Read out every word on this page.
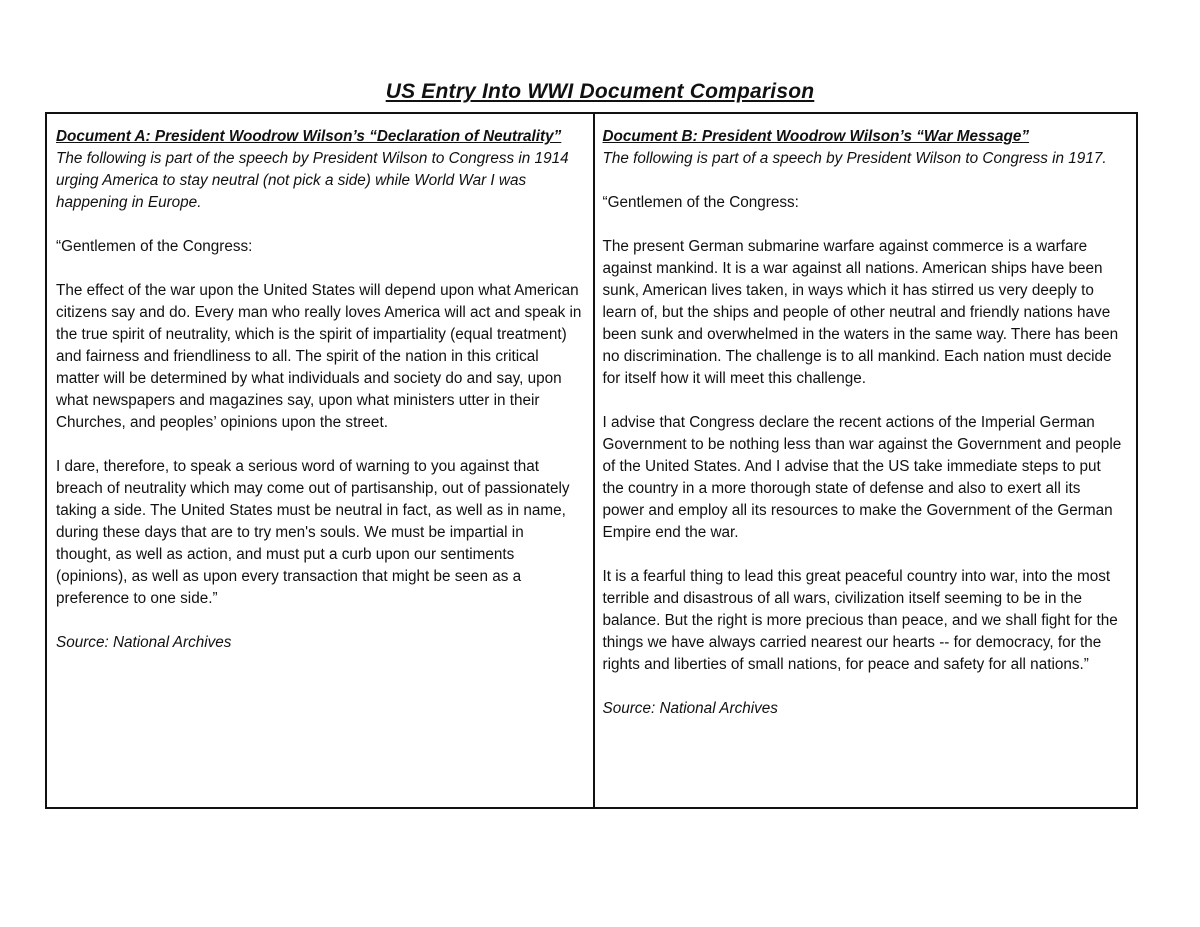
US Entry Into WWI Document Comparison

Document A: President Woodrow Wilson’s “Declaration of Neutrality”

The following is part of the speech by President Wilson to Congress in 1914 urging America to stay neutral (not pick a side) while World War I was happening in Europe.

“Gentlemen of the Congress:

The effect of the war upon the United States will depend upon what American citizens say and do. Every man who really loves America will act and speak in the true spirit of neutrality, which is the spirit of impartiality (equal treatment) and fairness and friendliness to all. The spirit of the nation in this critical matter will be determined by what individuals and society do and say, upon what newspapers and magazines say, upon what ministers utter in their Churches, and peoples’ opinions upon the street.

I dare, therefore, to speak a serious word of warning to you against that breach of neutrality which may come out of partisanship, out of passionately taking a side. The United States must be neutral in fact, as well as in name, during these days that are to try men's souls. We must be impartial in thought, as well as action, and must put a curb upon our sentiments (opinions), as well as upon every transaction that might be seen as a preference to one side.”

Source: National Archives

Document B: President Woodrow Wilson’s “War Message”

The following is part of a speech by President Wilson to Congress in 1917.

“Gentlemen of the Congress:

The present German submarine warfare against commerce is a warfare against mankind. It is a war against all nations. American ships have been sunk, American lives taken, in ways which it has stirred us very deeply to learn of, but the ships and people of other neutral and friendly nations have been sunk and overwhelmed in the waters in the same way. There has been no discrimination. The challenge is to all mankind. Each nation must decide for itself how it will meet this challenge.

I advise that Congress declare the recent actions of the Imperial German Government to be nothing less than war against the Government and people of the United States. And I advise that the US take immediate steps to put the country in a more thorough state of defense and also to exert all its power and employ all its resources to make the Government of the German Empire end the war.

It is a fearful thing to lead this great peaceful country into war, into the most terrible and disastrous of all wars, civilization itself seeming to be in the balance. But the right is more precious than peace, and we shall fight for the things we have always carried nearest our hearts -- for democracy, for the rights and liberties of small nations, for peace and safety for all nations.”

Source: National Archives
